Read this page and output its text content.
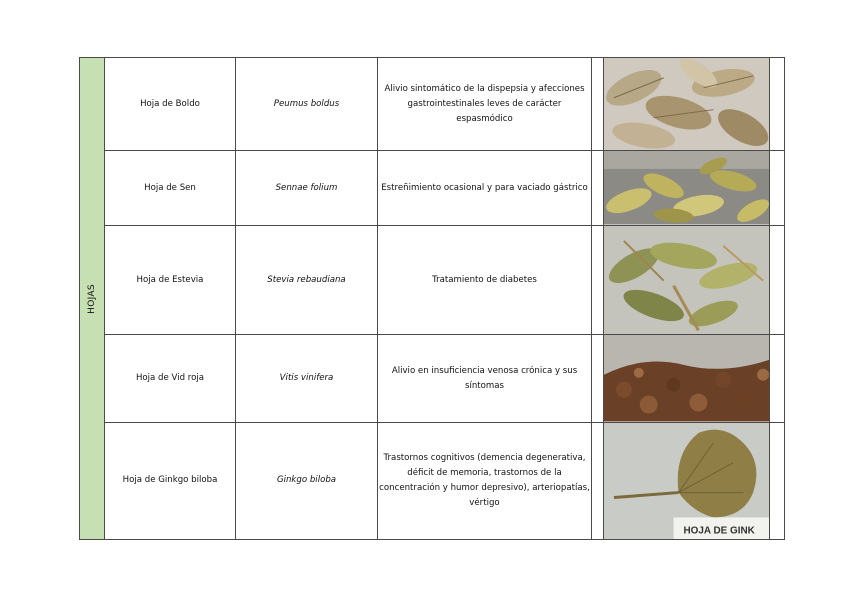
HOJAS	Hoja de Boldo	Peumus boldus	Alivio sintomático de la dispepsia y afecciones gastrointestinales leves de carácter espasmódico		

	Hoja de Sen	Sennae folium	Estreñimiento ocasional y para vaciado gástrico		

	Hoja de Estevia	Stevia rebaudiana	Tratamiento de diabetes		

	Hoja de Vid roja	Vitis vinifera	Alivio en insuficiencia venosa crónica y sus síntomas		

	Hoja de Ginkgo biloba	Ginkgo biloba	Trastornos cognitivos (demencia degenerativa, déficit de memoria, trastornos de la concentración y humor depresivo), arteriopatías, vértigo		HOJA DE GINK	
